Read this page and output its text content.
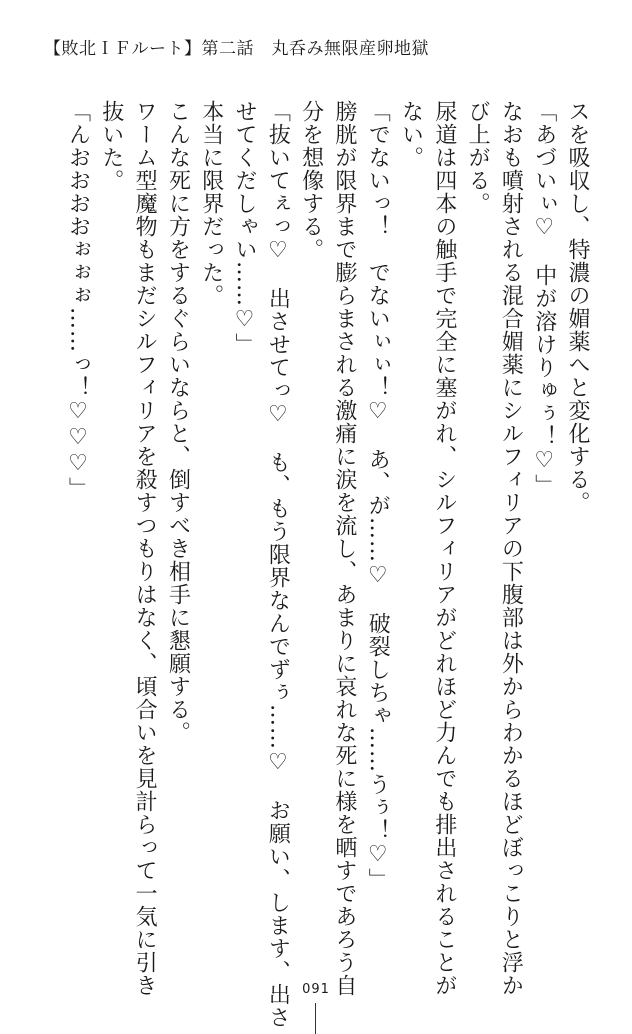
【敗北ＩＦルート】第二話　丸呑み無限産卵地獄

スを吸収し、特濃の媚薬へと変化する。

「あづいぃ♡　中が溶けりゅぅ！♡」

なおも噴射される混合媚薬にシルフィリアの下腹部は外からわかるほどぼっこりと浮か

び上がる。

尿道は四本の触手で完全に塞がれ、シルフィリアがどれほど力んでも排出されることが

ない。

「でないっ！　でないぃぃ！♡　あ、が……♡　破裂しちゃ……うぅ！♡」

膀胱が限界まで膨らまされる激痛に涙を流し、あまりに哀れな死に様を晒すであろう自

分を想像する。

「抜いてぇっ♡　出させてっ♡　も、もう限界なんでずぅ……♡　お願い、します、出さ

せてくだしゃい……♡」

本当に限界だった。

こんな死に方をするぐらいならと、倒すべき相手に懇願する。

ワーム型魔物もまだシルフィリアを殺すつもりはなく、頃合いを見計らって一気に引き

抜いた。

「んおおおおぉぉぉ……っ！♡♡♡」

091
